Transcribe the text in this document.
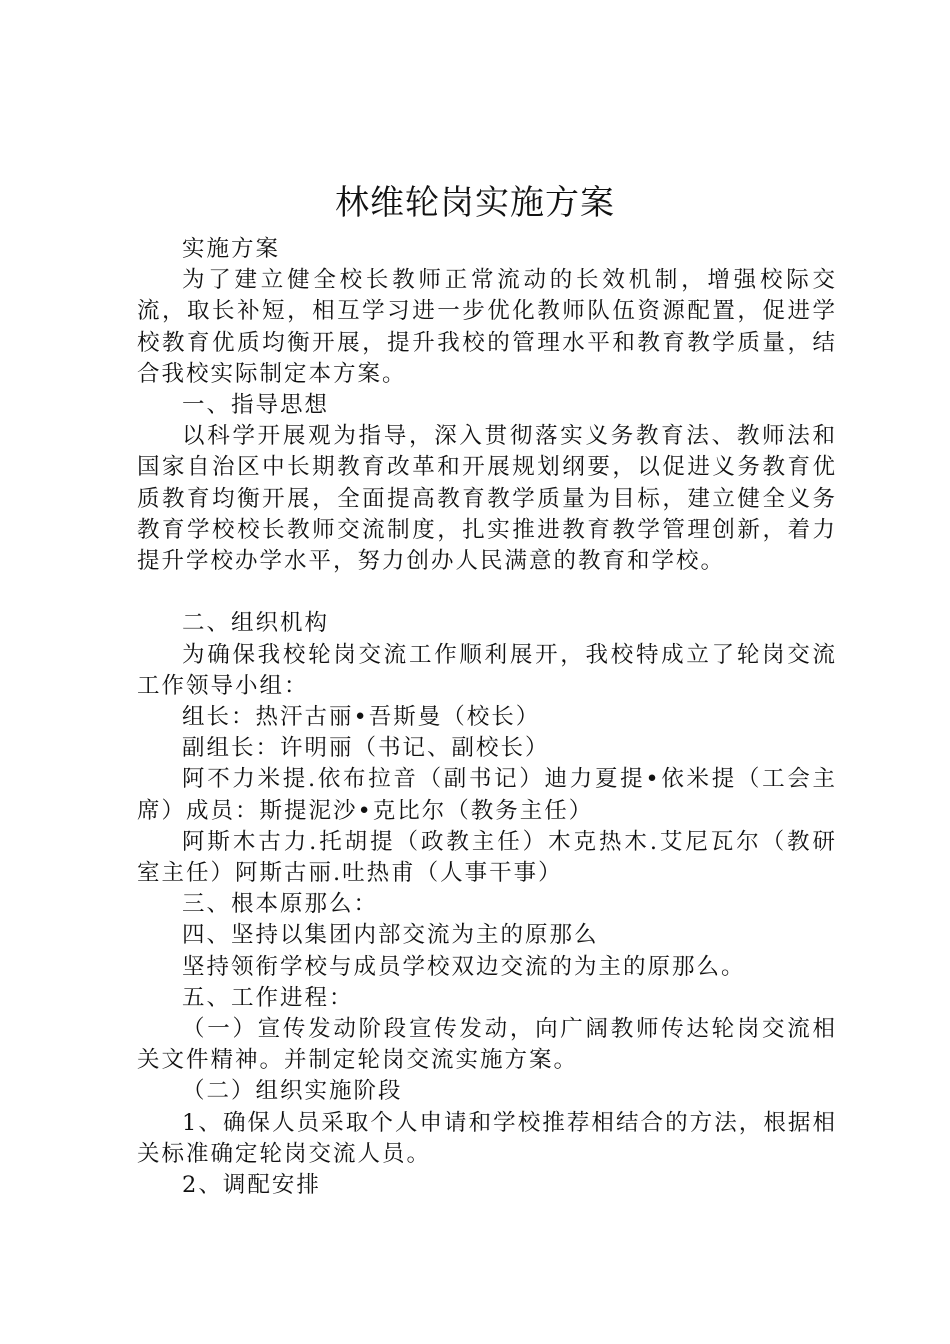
林维轮岗实施方案

实施方案

为了建立健全校长教师正常流动的长效机制，增强校际交流，取长补短，相互学习进一步优化教师队伍资源配置，促进学校教育优质均衡开展，提升我校的管理水平和教育教学质量，结合我校实际制定本方案。

一、指导思想

以科学开展观为指导，深入贯彻落实义务教育法、教师法和国家自治区中长期教育改革和开展规划纲要，以促进义务教育优质教育均衡开展，全面提高教育教学质量为目标，建立健全义务教育学校校长教师交流制度，扎实推进教育教学管理创新，着力提升学校办学水平，努力创办人民满意的教育和学校。

二、组织机构

为确保我校轮岗交流工作顺利展开，我校特成立了轮岗交流工作领导小组：

组长：热汗古丽•吾斯曼（校长）

副组长：许明丽（书记、副校长）

阿不力米提.依布拉音（副书记）迪力夏提•依米提（工会主席）成员：斯提泥沙•克比尔（教务主任）

阿斯木古力.托胡提（政教主任）木克热木.艾尼瓦尔（教研室主任）阿斯古丽.吐热甫（人事干事）

三、根本原那么：

四、坚持以集团内部交流为主的原那么

坚持领衔学校与成员学校双边交流的为主的原那么。

五、工作进程：

（一）宣传发动阶段宣传发动，向广阔教师传达轮岗交流相关文件精神。并制定轮岗交流实施方案。

（二）组织实施阶段

1、确保人员采取个人申请和学校推荐相结合的方法，根据相关标准确定轮岗交流人员。

2、调配安排
